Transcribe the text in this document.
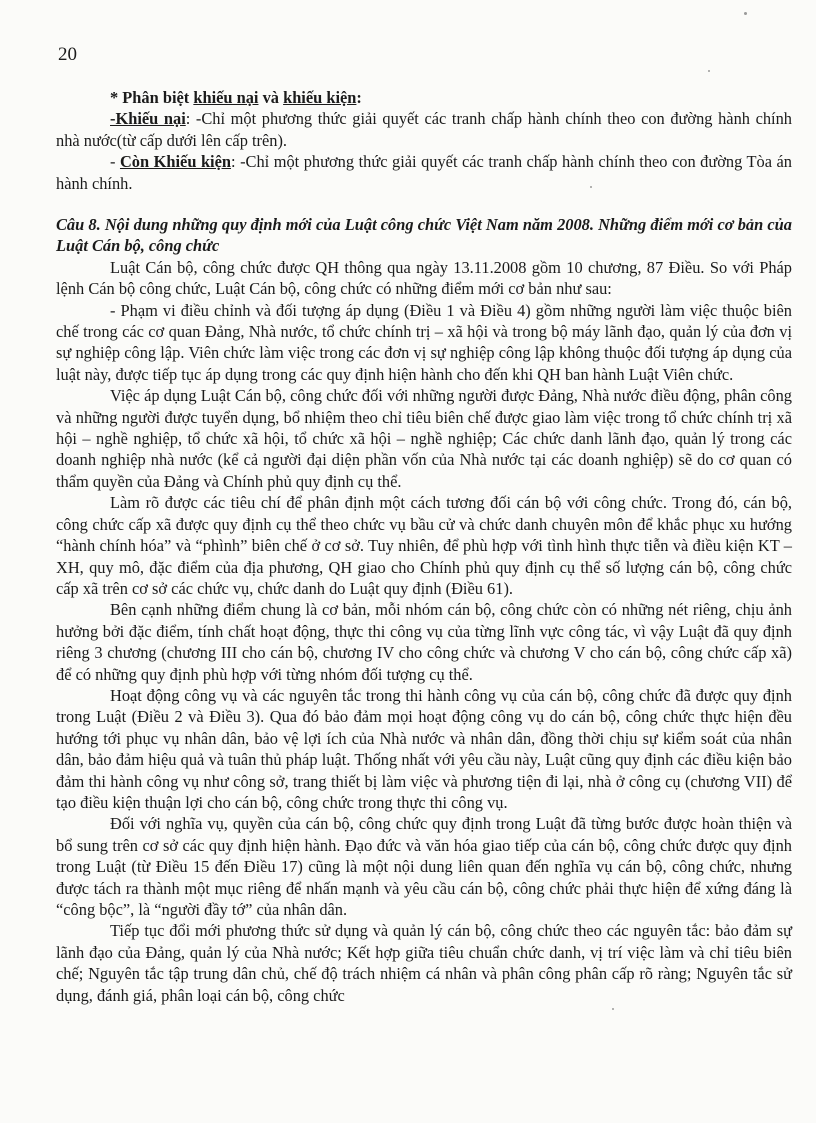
20

* Phân biệt khiếu nại và khiếu kiện:

-Khiếu nại: -Chỉ một phương thức giải quyết các tranh chấp hành chính theo con đường hành chính nhà nước(từ cấp dưới lên cấp trên).

- Còn Khiếu kiện: -Chỉ một phương thức giải quyết các tranh chấp hành chính theo con đường Tòa án hành chính.

Câu 8. Nội dung những quy định mới của Luật công chức Việt Nam năm 2008. Những điểm mới cơ bản của Luật Cán bộ, công chức

Luật Cán bộ, công chức được QH thông qua ngày 13.11.2008 gồm 10 chương, 87 Điều. So với Pháp lệnh Cán bộ công chức, Luật Cán bộ, công chức có những điểm mới cơ bản như sau:

- Phạm vi điều chỉnh và đối tượng áp dụng (Điều 1 và Điều 4) gồm những người làm việc thuộc biên chế trong các cơ quan Đảng, Nhà nước, tổ chức chính trị – xã hội và trong bộ máy lãnh đạo, quản lý của đơn vị sự nghiệp công lập. Viên chức làm việc trong các đơn vị sự nghiệp công lập không thuộc đối tượng áp dụng của luật này, được tiếp tục áp dụng trong các quy định hiện hành cho đến khi QH ban hành Luật Viên chức.

Việc áp dụng Luật Cán bộ, công chức đối với những người được Đảng, Nhà nước điều động, phân công và những người được tuyển dụng, bổ nhiệm theo chỉ tiêu biên chế được giao làm việc trong tổ chức chính trị xã hội – nghề nghiệp, tổ chức xã hội, tổ chức xã hội – nghề nghiệp; Các chức danh lãnh đạo, quản lý trong các doanh nghiệp nhà nước (kể cả người đại diện phần vốn của Nhà nước tại các doanh nghiệp) sẽ do cơ quan có thẩm quyền của Đảng và Chính phủ quy định cụ thể.

Làm rõ được các tiêu chí để phân định một cách tương đối cán bộ với công chức. Trong đó, cán bộ, công chức cấp xã được quy định cụ thể theo chức vụ bầu cử và chức danh chuyên môn để khắc phục xu hướng “hành chính hóa” và “phình” biên chế ở cơ sở. Tuy nhiên, để phù hợp với tình hình thực tiễn và điều kiện KT – XH, quy mô, đặc điểm của địa phương, QH giao cho Chính phủ quy định cụ thể số lượng cán bộ, công chức cấp xã trên cơ sở các chức vụ, chức danh do Luật quy định (Điều 61).

Bên cạnh những điểm chung là cơ bản, mỗi nhóm cán bộ, công chức còn có những nét riêng, chịu ảnh hưởng bởi đặc điểm, tính chất hoạt động, thực thi công vụ của từng lĩnh vực công tác, vì vậy Luật đã quy định riêng 3 chương (chương III cho cán bộ, chương IV cho công chức và chương V cho cán bộ, công chức cấp xã) để có những quy định phù hợp với từng nhóm đối tượng cụ thể.

Hoạt động công vụ và các nguyên tắc trong thi hành công vụ của cán bộ, công chức đã được quy định trong Luật (Điều 2 và Điều 3). Qua đó bảo đảm mọi hoạt động công vụ do cán bộ, công chức thực hiện đều hướng tới phục vụ nhân dân, bảo vệ lợi ích của Nhà nước và nhân dân, đồng thời chịu sự kiểm soát của nhân dân, bảo đảm hiệu quả và tuân thủ pháp luật. Thống nhất với yêu cầu này, Luật cũng quy định các điều kiện bảo đảm thi hành công vụ như công sở, trang thiết bị làm việc và phương tiện đi lại, nhà ở công cụ (chương VII) để tạo điều kiện thuận lợi cho cán bộ, công chức trong thực thi công vụ.

Đối với nghĩa vụ, quyền của cán bộ, công chức quy định trong Luật đã từng bước được hoàn thiện và bổ sung trên cơ sở các quy định hiện hành. Đạo đức và văn hóa giao tiếp của cán bộ, công chức được quy định trong Luật (từ Điều 15 đến Điều 17) cũng là một nội dung liên quan đến nghĩa vụ cán bộ, công chức, nhưng được tách ra thành một mục riêng để nhấn mạnh và yêu cầu cán bộ, công chức phải thực hiện để xứng đáng là “công bộc”, là “người đầy tớ” của nhân dân.

Tiếp tục đổi mới phương thức sử dụng và quản lý cán bộ, công chức theo các nguyên tắc: bảo đảm sự lãnh đạo của Đảng, quản lý của Nhà nước; Kết hợp giữa tiêu chuẩn chức danh, vị trí việc làm và chỉ tiêu biên chế; Nguyên tắc tập trung dân chủ, chế độ trách nhiệm cá nhân và phân công phân cấp rõ ràng; Nguyên tắc sử dụng, đánh giá, phân loại cán bộ, công chức
